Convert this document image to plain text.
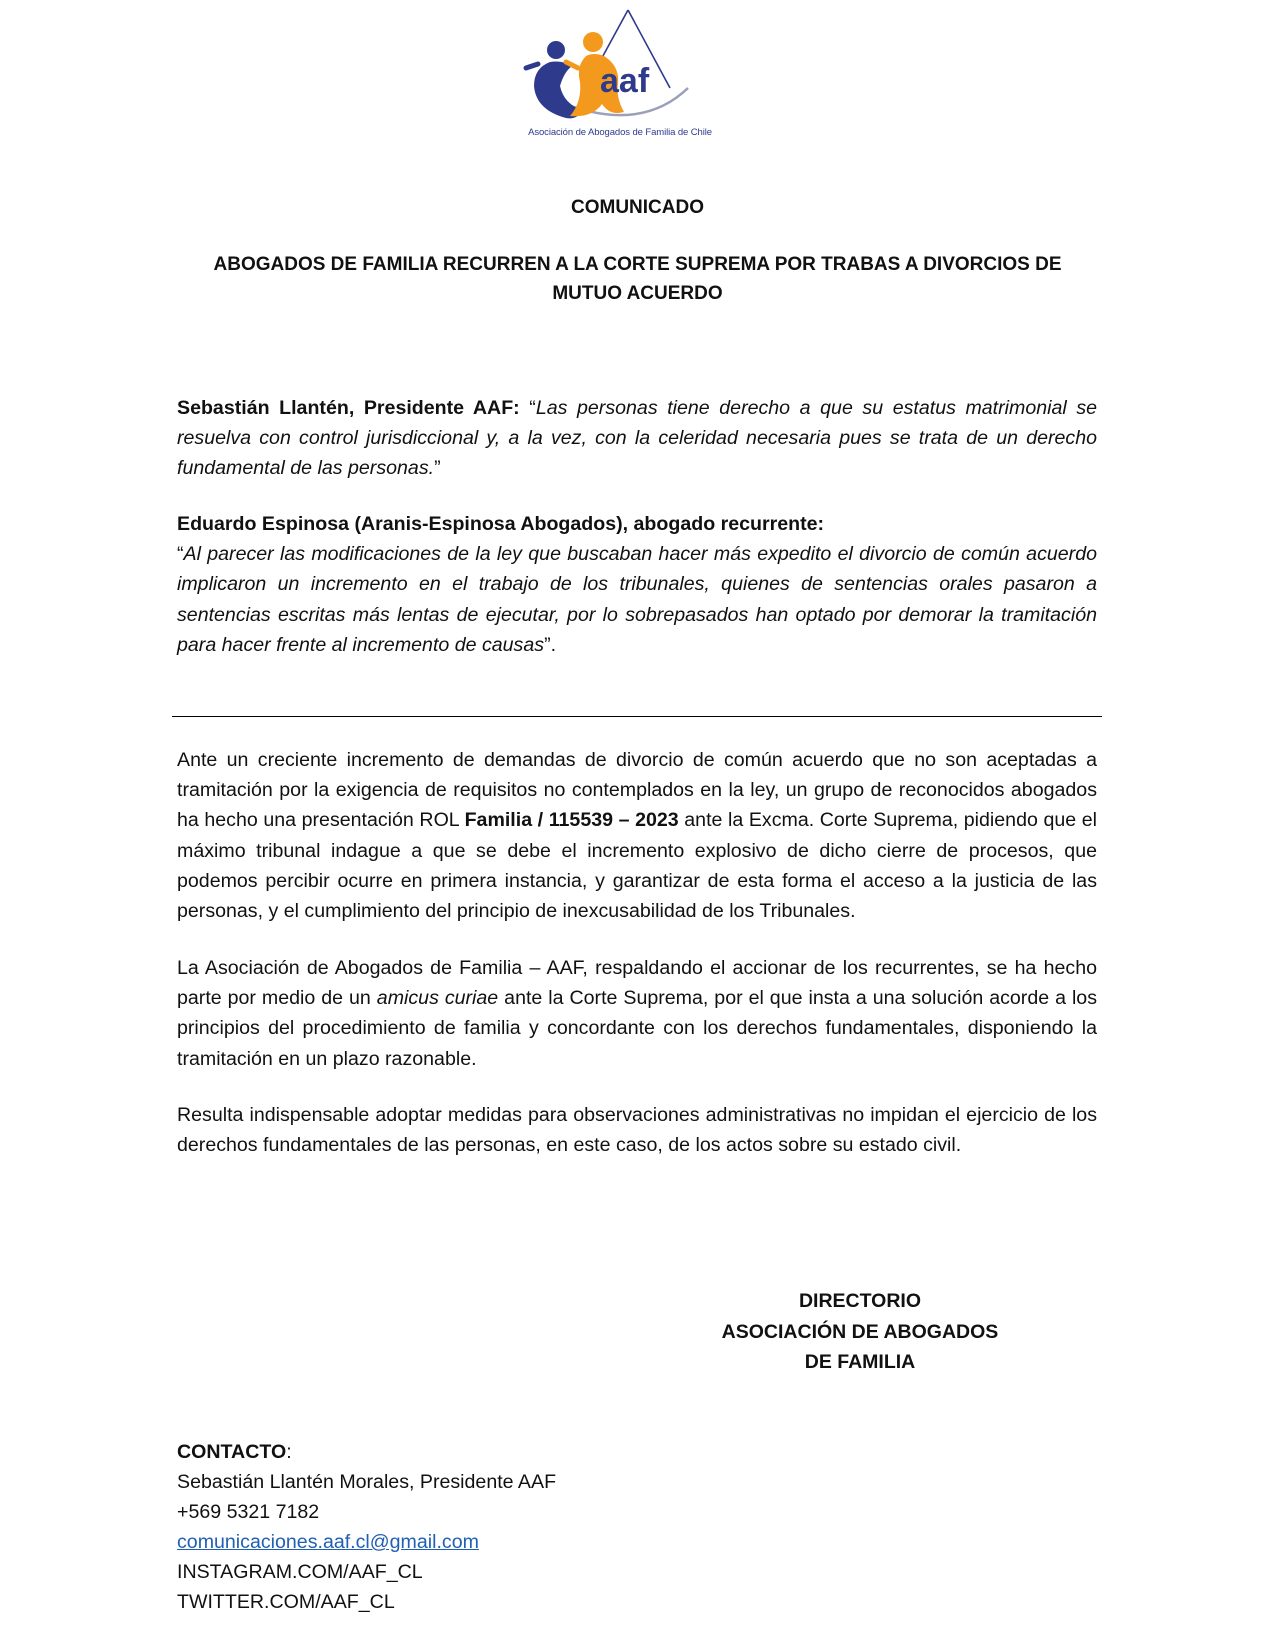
aaf
Asociación de Abogados de Familia de Chile

COMUNICADO

ABOGADOS DE FAMILIA RECURREN A LA CORTE SUPREMA POR TRABAS A DIVORCIOS DE

MUTUO ACUERDO

Sebastián Llantén, Presidente AAF: “Las personas tiene derecho a que su estatus matrimonial se resuelva con control jurisdiccional y, a la vez, con la celeridad necesaria pues se trata de un derecho fundamental de las personas.”

Eduardo Espinosa (Aranis-Espinosa Abogados), abogado recurrente:
“Al parecer las modificaciones de la ley que buscaban hacer más expedito el divorcio de común acuerdo implicaron un incremento en el trabajo de los tribunales, quienes de sentencias orales pasaron a sentencias escritas más lentas de ejecutar, por lo sobrepasados han optado por demorar la tramitación para hacer frente al incremento de causas”.

Ante un creciente incremento de demandas de divorcio de común acuerdo que no son aceptadas a tramitación por la exigencia de requisitos no contemplados en la ley, un grupo de reconocidos abogados ha hecho una presentación ROL Familia / 115539 – 2023 ante la Excma. Corte Suprema, pidiendo que el máximo tribunal indague a que se debe el incremento explosivo de dicho cierre de procesos, que podemos percibir ocurre en primera instancia, y garantizar de esta forma el acceso a la justicia de las personas, y el cumplimiento del principio de inexcusabilidad de los Tribunales.

La Asociación de Abogados de Familia – AAF, respaldando el accionar de los recurrentes, se ha hecho parte por medio de un amicus curiae ante la Corte Suprema, por el que insta a una solución acorde a los principios del procedimiento de familia y concordante con los derechos fundamentales, disponiendo la tramitación en un plazo razonable.

Resulta indispensable adoptar medidas para observaciones administrativas no impidan el ejercicio de los derechos fundamentales de las personas, en este caso, de los actos sobre su estado civil.

DIRECTORIO
ASOCIACIÓN DE ABOGADOS
DE FAMILIA
CONTACTO:
Sebastián Llantén Morales, Presidente AAF
+569 5321 7182
comunicaciones.aaf.cl@gmail.com
INSTAGRAM.COM/AAF_CL
TWITTER.COM/AAF_CL
